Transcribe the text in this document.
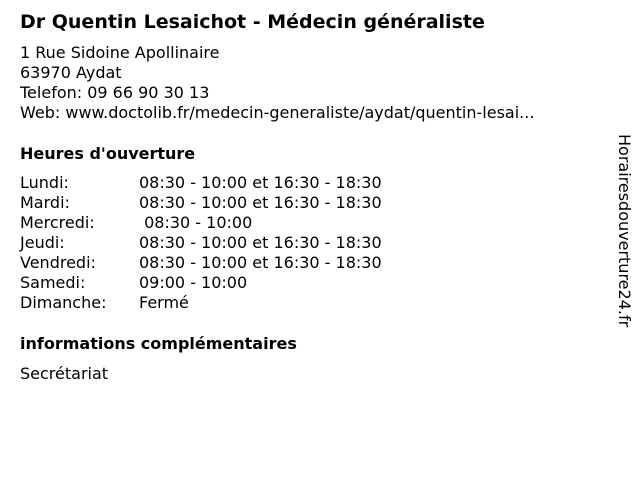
Dr Quentin Lesaichot - Médecin généraliste
1 Rue Sidoine Apollinaire
63970 Aydat
Telefon: 09 66 90 30 13
Web: www.doctolib.fr/medecin-generaliste/aydat/quentin-lesai...
Heures d'ouverture
Lundi:	08:30 - 10:00 et 16:30 - 18:30
Mardi:	08:30 - 10:00 et 16:30 - 18:30
Mercredi:	08:30 - 10:00
Jeudi:	08:30 - 10:00 et 16:30 - 18:30
Vendredi:	08:30 - 10:00 et 16:30 - 18:30
Samedi:	09:00 - 10:00
Dimanche: Fermé
informations complémentaires
Secrétariat
Horairesdouverture24.fr
